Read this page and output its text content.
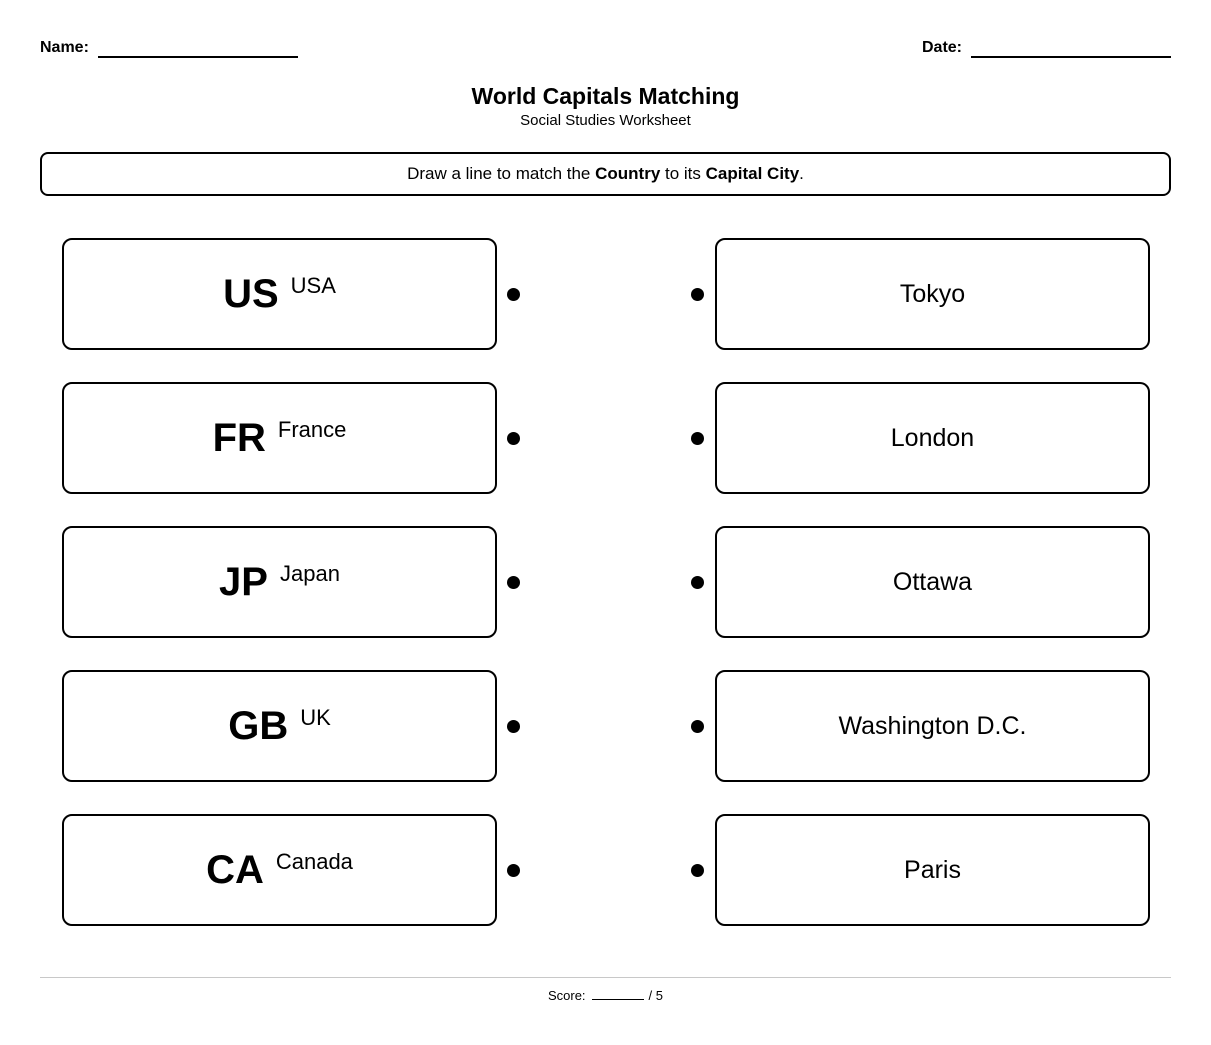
Name:	Date:
World Capitals Matching
Social Studies Worksheet
Draw a line to match the Country to its Capital City.
US USA	Tokyo
FR France	London
JP Japan	Ottawa
GB UK	Washington D.C.
CA Canada	Paris
Score:	/ 5
